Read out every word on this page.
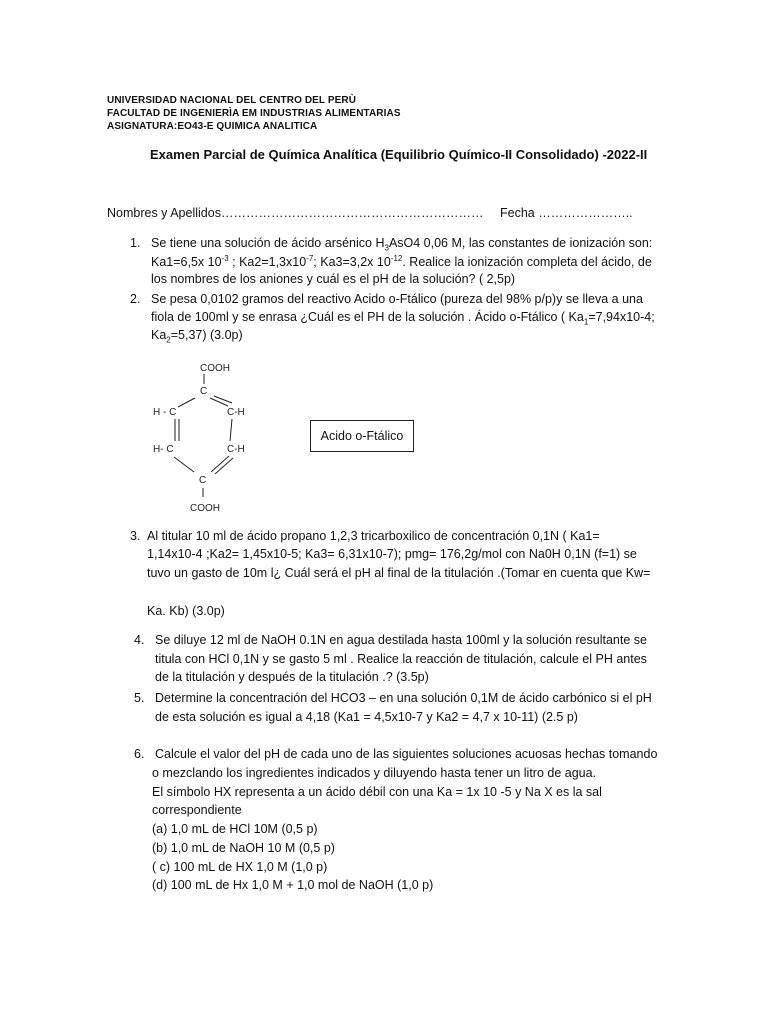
UNIVERSIDAD NACIONAL DEL CENTRO DEL PERÙ
FACULTAD DE INGENIERÌA EM INDUSTRIAS ALIMENTARIAS
ASIGNATURA:EO43-E QUIMICA ANALITICA
Examen Parcial de Química Analítica (Equilibrio Químico-II Consolidado) -2022-II
Nombres y Apellidos……………………………………………………… Fecha …………………..
1. Se tiene una solución de ácido arsénico $H_3AsO4$ 0,06 M, las constantes de ionización son:
Ka1=6,5x $10^{-3}$ ; $Ka2=1,3x10^{-7}$; Ka3=3,2x $10^{-12}$. Realice la ionización completa del ácido, de
los nombres de los aniones y cuál es el pH de la solución? ( 2,5p)
2. Se pesa 0,0102 gramos del reactivo Acido o-Ftálico (pureza del 98% p/p)y se lleva a una
fiola de 100ml y se enrasa ¿Cuál es el PH de la solución . Ácido o-Ftálico ( $Ka_1=7,94x10-4$;
$Ka_2=5,37$) (3.0p)
COOH
C
H - C	C-H
H- C	C-H
C
COOH
Acido o-Ftálico
3. Al titular 10 ml de ácido propano 1,2,3 tricarboxilico de concentración 0,1N ( Ka1=
1,14x10-4 ;Ka2= 1,45x10-5; Ka3= 6,31x10-7); pmg= 176,2g/mol con Na0H 0,1N (f=1) se
tuvo un gasto de 10m l¿ Cuál será el pH al final de la titulación .(Tomar en cuenta que Kw=
Ka. Kb) (3.0p)
4. Se diluye 12 ml de NaOH 0.1N en agua destilada hasta 100ml y la solución resultante se
titula con HCl 0,1N y se gasto 5 ml . Realice la reacción de titulación, calcule el PH antes
de la titulación y después de la titulación .? (3.5p)
5. Determine la concentración del HCO3 – en una solución 0,1M de ácido carbónico si el pH
de esta solución es igual a 4,18 (Ka1 = 4,5x10-7 y Ka2 = 4,7 x 10-11) (2.5 p)
6. Calcule el valor del pH de cada uno de las siguientes soluciones acuosas hechas tomando
o mezclando los ingredientes indicados y diluyendo hasta tener un litro de agua.
El símbolo HX representa a un ácido débil con una Ka = 1x 10 -5 y Na X es la sal
correspondiente
(a) 1,0 mL de HCl 10M (0,5 p)
(b) 1,0 mL de NaOH 10 M (0,5 p)
( c) 100 mL de HX 1,0 M (1,0 p)
(d) 100 mL de Hx 1,0 M + 1,0 mol de NaOH (1,0 p)
